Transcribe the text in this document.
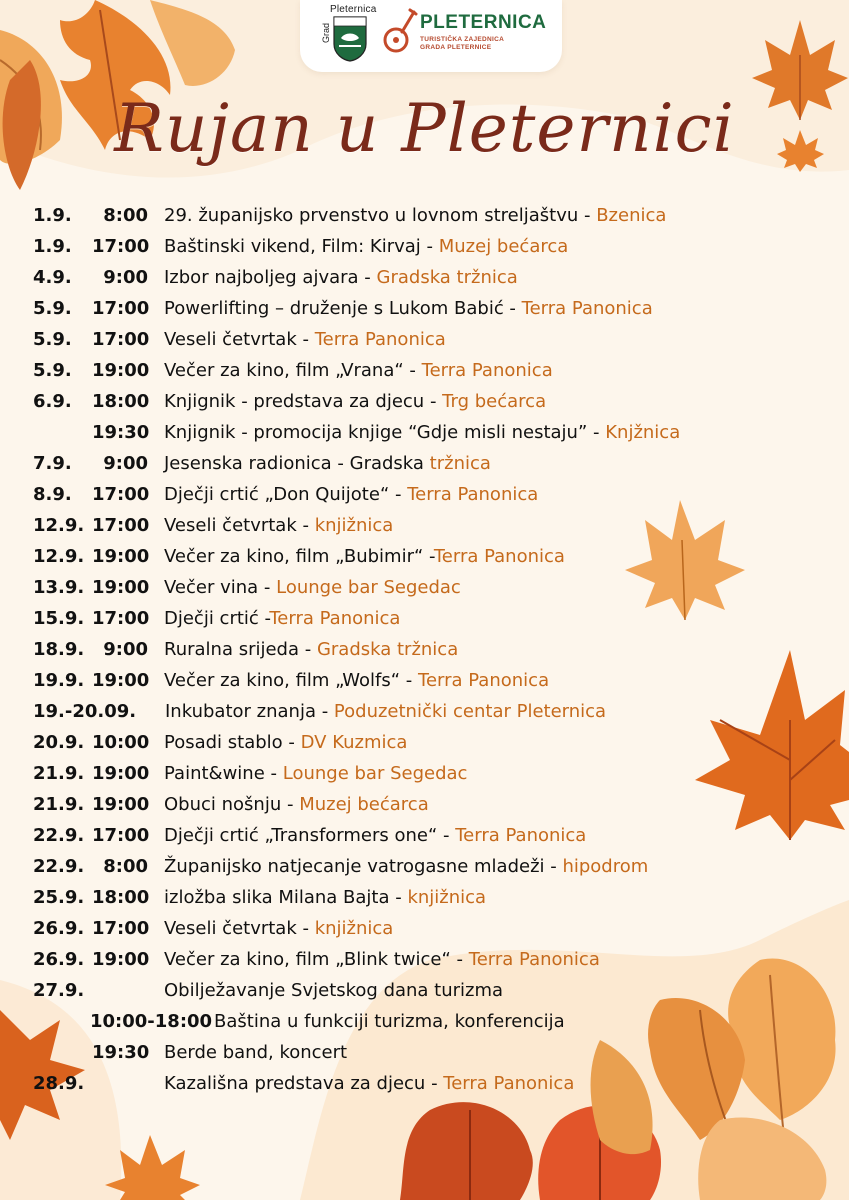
Pleternica
Grad	PLETERNICA
TURISTIČKA ZAJEDNICA GRADA PLETERNICE
Rujan u Pleternici
1.9.	8:00 29. županijsko prvenstvo u lovnom streljaštvu - Bzenica
1.9. 17:00 Baštinski vikend, Film: Kirvaj - Muzej bećarca
4.9.	9:00 Izbor najboljeg ajvara - Gradska tržnica
5.9. 17:00 Powerlifting – druženje s Lukom Babić - Terra Panonica
5.9. 17:00 Veseli četvrtak - Terra Panonica
5.9. 19:00 Večer za kino, film „Vrana“ - Terra Panonica
6.9. 18:00 Knjignik - predstava za djecu - Trg bećarca
19:30 Knjignik - promocija knjige “Gdje misli nestaju” - Knjžnica
7.9.	9:00 Jesenska radionica - Gradska tržnica
8.9. 17:00 Dječji crtić „Don Quijote“ - Terra Panonica
12.9. 17:00 Veseli četvrtak - knjižnica
12.9. 19:00 Večer za kino, film „Bubimir“ -Terra Panonica
13.9. 19:00 Večer vina - Lounge bar Segedac
15.9. 17:00 Dječji crtić -Terra Panonica
18.9.	9:00 Ruralna srijeda - Gradska tržnica
19.9. 19:00 Večer za kino, film „Wolfs“ - Terra Panonica
19.-20.09. Inkubator znanja - Poduzetnički centar Pleternica
20.9. 10:00 Posadi stablo - DV Kuzmica
21.9. 19:00 Paint&wine - Lounge bar Segedac
21.9. 19:00 Obuci nošnju - Muzej bećarca
22.9. 17:00 Dječji crtić „Transformers one“ - Terra Panonica
22.9.	8:00 Županijsko natjecanje vatrogasne mladeži - hipodrom
25.9. 18:00 izložba slika Milana Bajta - knjižnica
26.9. 17:00 Veseli četvrtak - knjižnica
26.9. 19:00 Večer za kino, film „Blink twice“ - Terra Panonica
27.9.	Obilježavanje Svjetskog dana turizma
10:00-18:00 Baština u funkciji turizma, konferencija
19:30 Berde band, koncert
28.9.	Kazališna predstava za djecu - Terra Panonica
